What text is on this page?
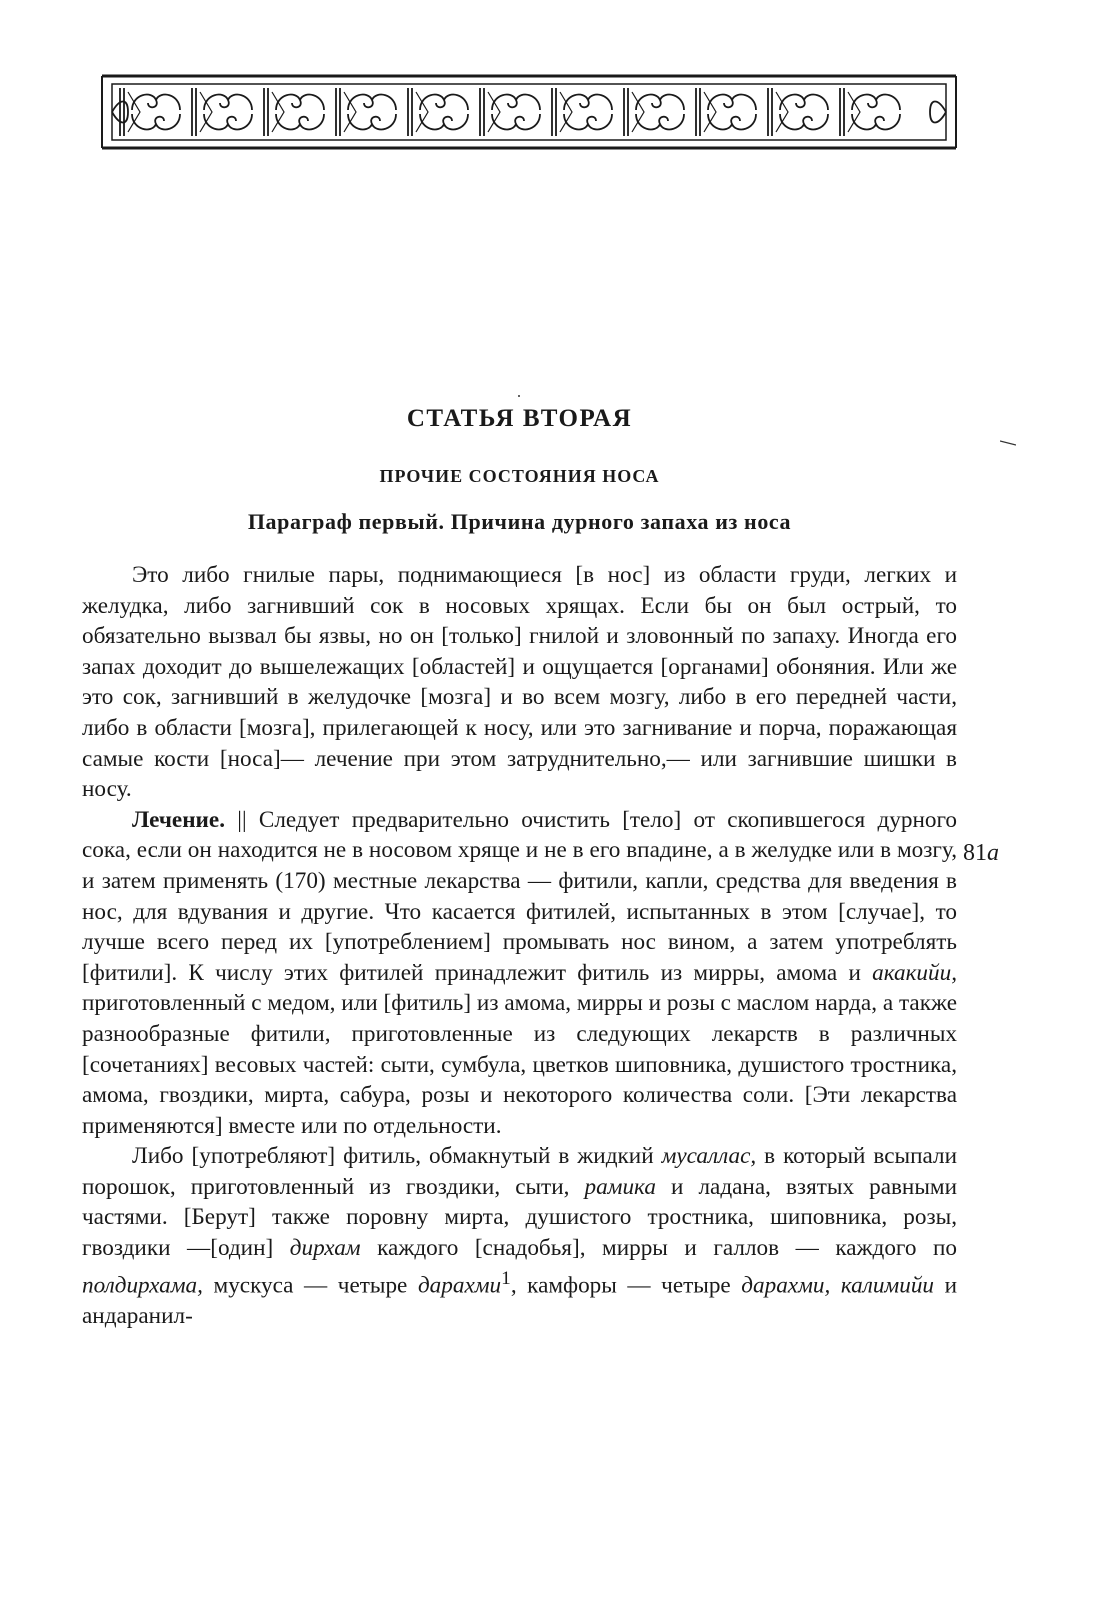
СТАТЬЯ ВТОРАЯ
ПРОЧИЕ СОСТОЯНИЯ НОСА
Параграф первый. Причина дурного запаха из носа

Это либо гнилые пары, поднимающиеся [в нос] из области груди, легких и желудка, либо загнивший сок в носовых хрящах. Если бы он был острый, то обязательно вызвал бы язвы, но он [только] гнилой и зловонный по запаху. Иногда его запах доходит до вышележащих [областей] и ощущается [органами] обоняния. Или же это сок, загнивший в желудочке [мозга] и во всем мозгу, либо в его передней части, либо в области [мозга], прилегающей к носу, или это загнивание и порча, поражающая самые кости [носа]— лечение при этом затруднительно,— или загнившие шишки в носу.

Лечение. || Следует предварительно очистить [тело] от скопившегося дурного сока, если он находится не в носовом хряще и не в его впадине, а в желудке или в мозгу, и затем применять (170) местные лекарства — фитили, капли, средства для введения в нос, для вдувания и другие. Что касается фитилей, испытанных в этом [случае], то лучше всего перед их [употреблением] промывать нос вином, а затем употреблять [фитили]. К числу этих фитилей принадлежит фитиль из мирры, амома и акакийи, приготовленный с медом, или [фитиль] из амома, мирры и розы с маслом нарда, а также разнообразные фитили, приготовленные из следующих лекарств в различных [сочетаниях] весовых частей: сыти, сумбула, цветков шиповника, душистого тростника, амома, гвоздики, мирта, сабура, розы и некоторого количества соли. [Эти лекарства применяются] вместе или по отдельности.

Либо [употребляют] фитиль, обмакнутый в жидкий мусаллас, в который всыпали порошок, приготовленный из гвоздики, сыти, рамика и ладана, взятых равными частями. [Берут] также поровну мирта, душистого тростника, шиповника, розы, гвоздики —[один] дирхам каждого [снадобья], мирры и галлов — каждого по полдирхама, мускуса — четыре дарахми$^1$, камфоры — четыре дарахми, калимийи и андаранил-

81a
